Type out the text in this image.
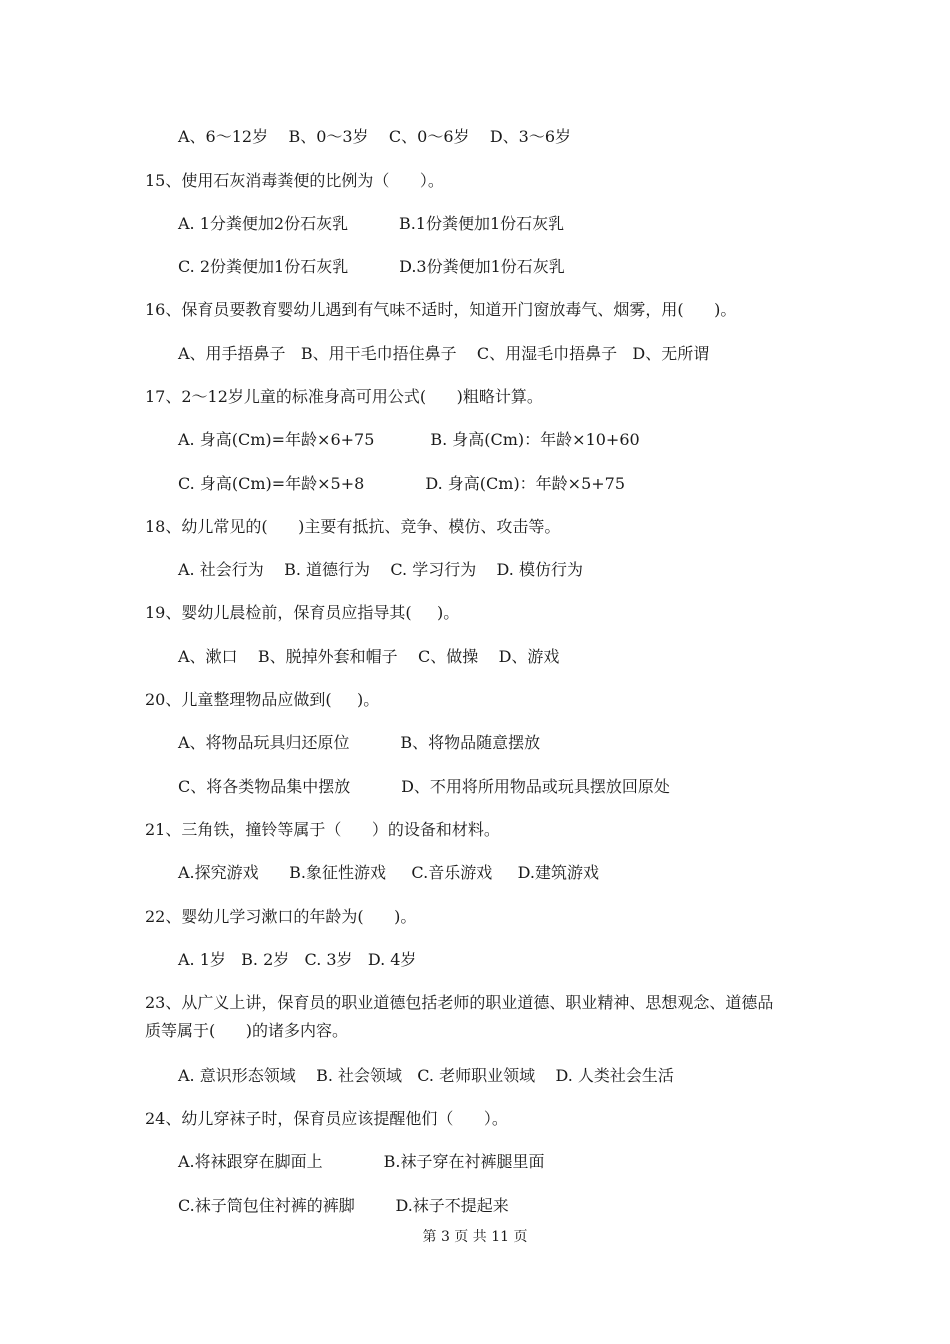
A、6～12岁    B、0～3岁    C、0～6岁    D、3～6岁
15、使用石灰消毒粪便的比例为（      ）。
A. 1分粪便加2份石灰乳          B.1份粪便加1份石灰乳
C. 2份粪便加1份石灰乳          D.3份粪便加1份石灰乳
16、保育员要教育婴幼儿遇到有气味不适时，知道开门窗放毒气、烟雾，用(      )。
A、用手捂鼻子   B、用干毛巾捂住鼻子    C、用湿毛巾捂鼻子   D、无所谓
17、2～12岁儿童的标准身高可用公式(      )粗略计算。
A. 身高(Cm)=年龄×6+75           B. 身高(Cm)：年龄×10+60
C. 身高(Cm)=年龄×5+8            D. 身高(Cm)：年龄×5+75
18、幼儿常见的(      )主要有抵抗、竞争、模仿、攻击等。
A. 社会行为    B. 道德行为    C. 学习行为    D. 模仿行为
19、婴幼儿晨检前，保育员应指导其(     )。
A、漱口    B、脱掉外套和帽子    C、做操    D、游戏
20、儿童整理物品应做到(     )。
A、将物品玩具归还原位          B、将物品随意摆放
C、将各类物品集中摆放          D、不用将所用物品或玩具摆放回原处
21、三角铁，撞铃等属于（      ）的设备和材料。
A.探究游戏      B.象征性游戏     C.音乐游戏     D.建筑游戏
22、婴幼儿学习漱口的年龄为(      )。
A. 1岁   B. 2岁   C. 3岁   D. 4岁
23、从广义上讲，保育员的职业道德包括老师的职业道德、职业精神、思想观念、道德品
质等属于(      )的诸多内容。
A. 意识形态领域    B. 社会领域   C. 老师职业领域    D. 人类社会生活
24、幼儿穿袜子时，保育员应该提醒他们（      ）。
A.将袜跟穿在脚面上            B.袜子穿在衬裤腿里面
C.袜子筒包住衬裤的裤脚        D.袜子不提起来
第 3 页 共 11 页
